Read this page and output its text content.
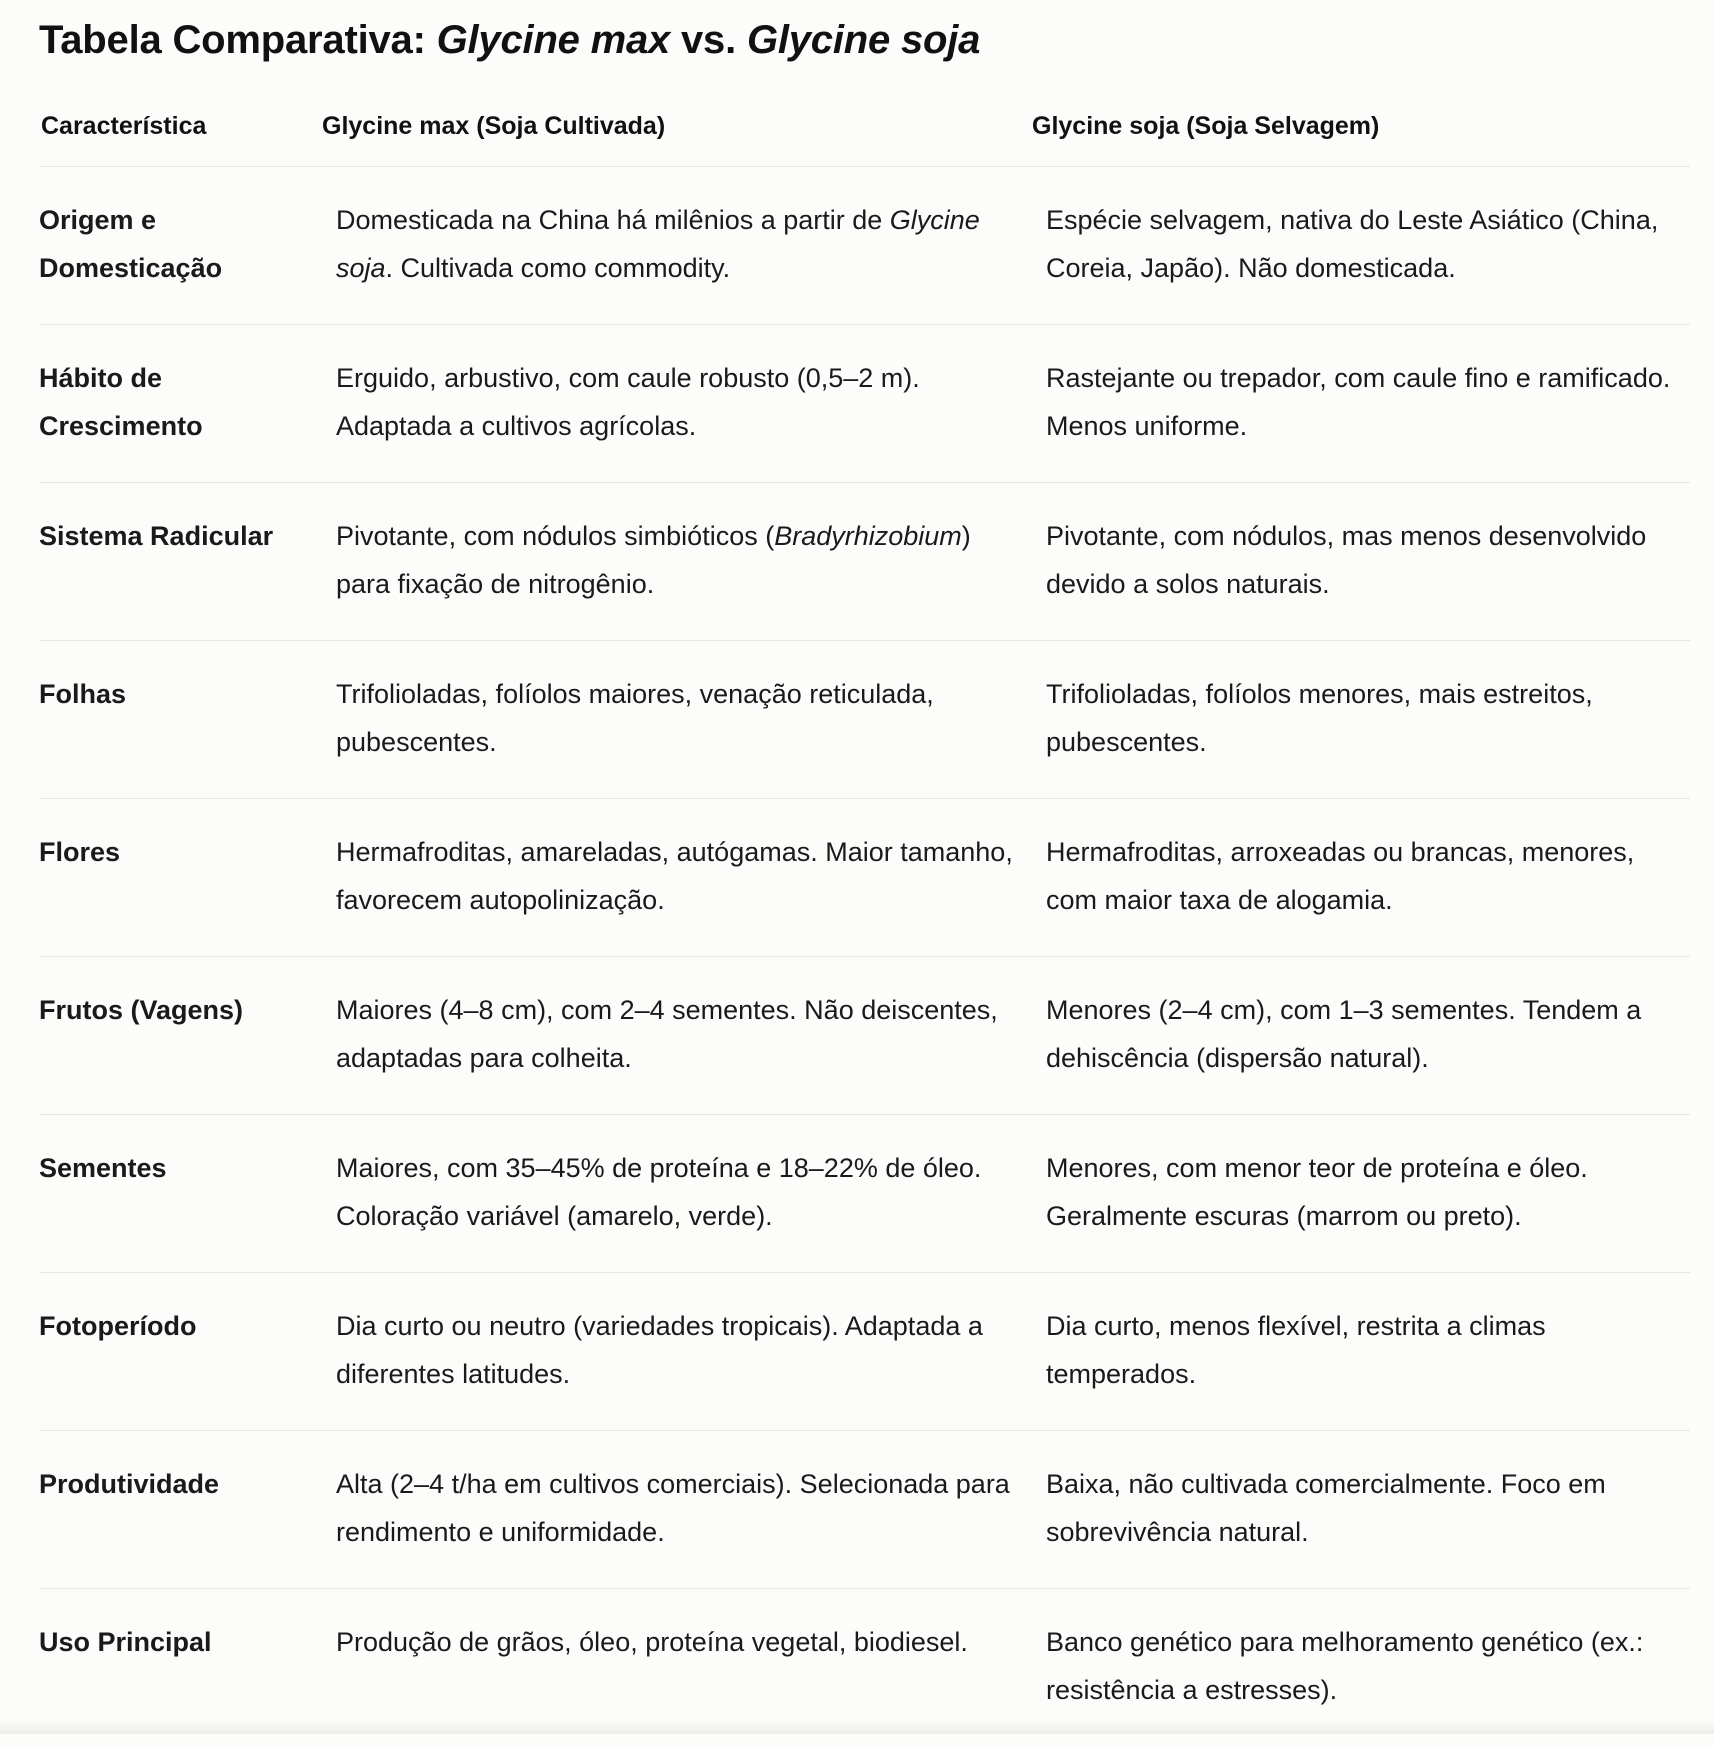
Tabela Comparativa: Glycine max vs. Glycine soja
Característica	Glycine max (Soja Cultivada)	Glycine soja (Soja Selvagem)
Origem e Domesticação	Domesticada na China há milênios a partir de Glycine soja. Cultivada como commodity.	Espécie selvagem, nativa do Leste Asiático (China, Coreia, Japão). Não domesticada.
Hábito de Crescimento	Erguido, arbustivo, com caule robusto (0,5–2 m). Adaptada a cultivos agrícolas.	Rastejante ou trepador, com caule fino e ramificado. Menos uniforme.
Sistema Radicular	Pivotante, com nódulos simbióticos (Bradyrhizobium) para fixação de nitrogênio.	Pivotante, com nódulos, mas menos desenvolvido devido a solos naturais.
Folhas	Trifolioladas, folíolos maiores, venação reticulada, pubescentes.	Trifolioladas, folíolos menores, mais estreitos, pubescentes.
Flores	Hermafroditas, amareladas, autógamas. Maior tamanho, favorecem autopolinização.	Hermafroditas, arroxeadas ou brancas, menores, com maior taxa de alogamia.
Frutos (Vagens)	Maiores (4–8 cm), com 2–4 sementes. Não deiscentes, adaptadas para colheita.	Menores (2–4 cm), com 1–3 sementes. Tendem a dehiscência (dispersão natural).
Sementes	Maiores, com 35–45% de proteína e 18–22% de óleo. Coloração variável (amarelo, verde).	Menores, com menor teor de proteína e óleo. Geralmente escuras (marrom ou preto).
Fotoperíodo	Dia curto ou neutro (variedades tropicais). Adaptada a diferentes latitudes.	Dia curto, menos flexível, restrita a climas temperados.
Produtividade	Alta (2–4 t/ha em cultivos comerciais). Selecionada para rendimento e uniformidade.	Baixa, não cultivada comercialmente. Foco em sobrevivência natural.
Uso Principal	Produção de grãos, óleo, proteína vegetal, biodiesel.	Banco genético para melhoramento genético (ex.: resistência a estresses).
